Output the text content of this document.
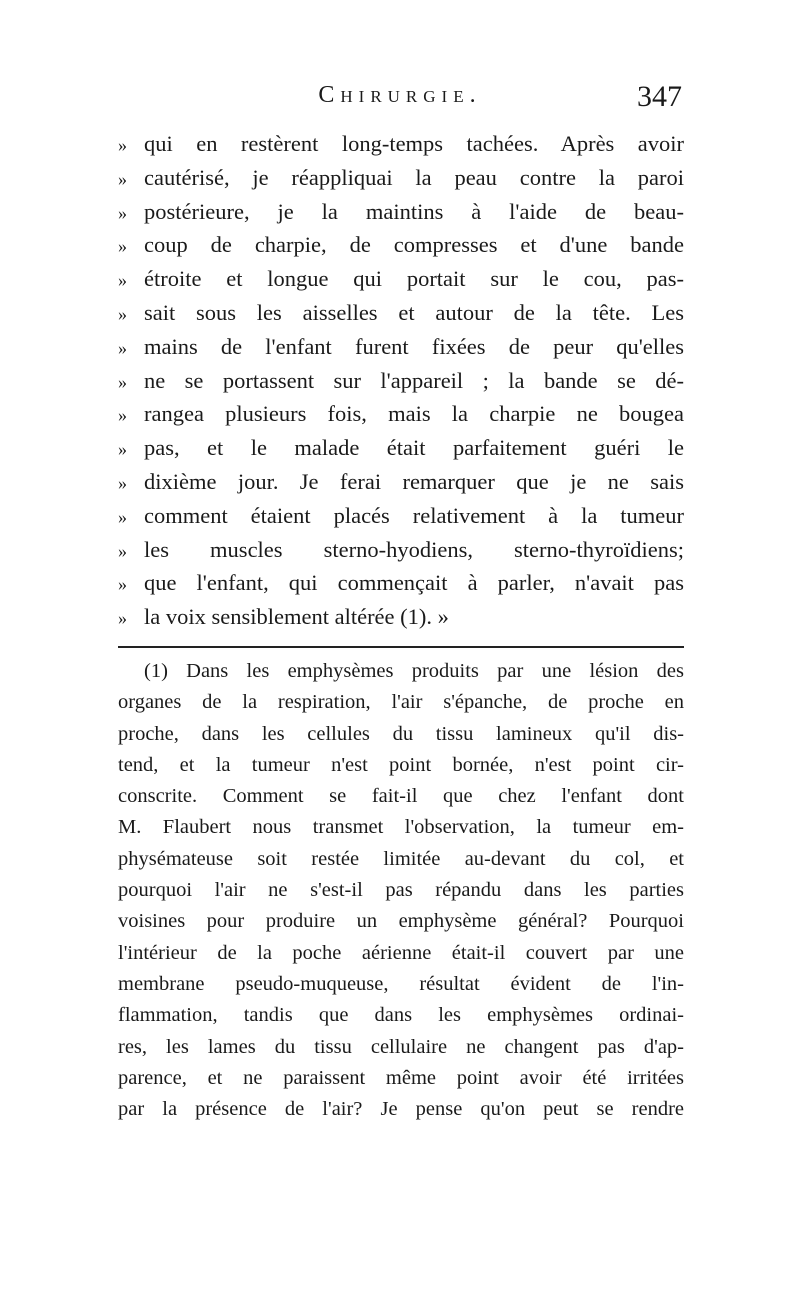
Chirurgie.	347
» qui en restèrent long-temps tachées. Après avoir
» cautérisé, je réappliquai la peau contre la paroi
» postérieure, je la maintins à l'aide de beau-
» coup de charpie, de compresses et d'une bande
» étroite et longue qui portait sur le cou, pas-
» sait sous les aisselles et autour de la tête. Les
» mains de l'enfant furent fixées de peur qu'elles
» ne se portassent sur l'appareil ; la bande se dé-
» rangea plusieurs fois, mais la charpie ne bougea
» pas, et le malade était parfaitement guéri le
» dixième jour. Je ferai remarquer que je ne sais
» comment étaient placés relativement à la tumeur
» les muscles sterno-hyodiens, sterno-thyroïdiens;
» que l'enfant, qui commençait à parler, n'avait pas
» la voix sensiblement altérée (1). »
(1) Dans les emphysèmes produits par une lésion des
organes de la respiration, l'air s'épanche, de proche en
proche, dans les cellules du tissu lamineux qu'il dis-
tend, et la tumeur n'est point bornée, n'est point cir-
conscrite. Comment se fait-il que chez l'enfant dont
M. Flaubert nous transmet l'observation, la tumeur em-
physémateuse soit restée limitée au-devant du col, et
pourquoi l'air ne s'est-il pas répandu dans les parties
voisines pour produire un emphysème général? Pourquoi
l'intérieur de la poche aérienne était-il couvert par une
membrane pseudo-muqueuse, résultat évident de l'in-
flammation, tandis que dans les emphysèmes ordinai-
res, les lames du tissu cellulaire ne changent pas d'ap-
parence, et ne paraissent même point avoir été irritées
par la présence de l'air? Je pense qu'on peut se rendre
